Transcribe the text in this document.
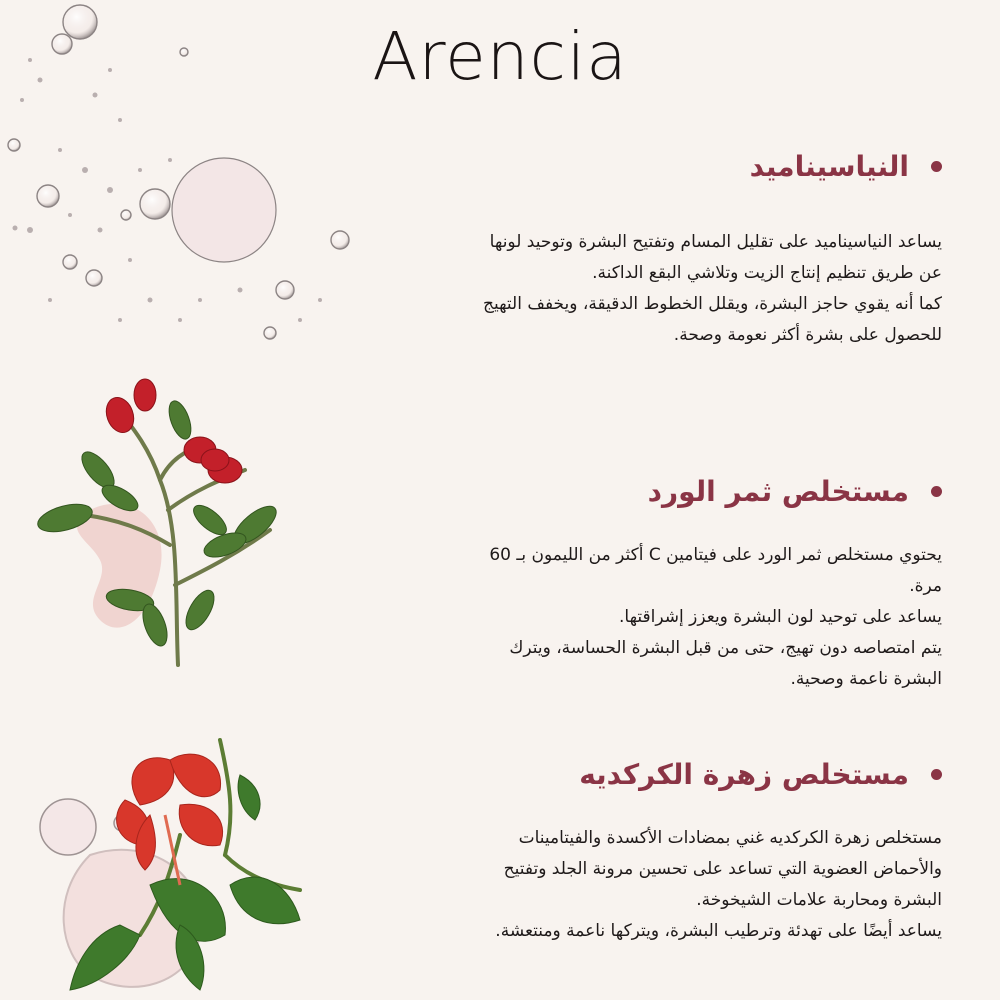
Arencia
النياسيناميد

يساعد النياسيناميد على تقليل المسام وتفتيح البشرة وتوحيد لونها عن طريق تنظيم إنتاج الزيت وتلاشي البقع الداكنة.

كما أنه يقوي حاجز البشرة، ويقلل الخطوط الدقيقة، ويخفف التهيج للحصول على بشرة أكثر نعومة وصحة.

مستخلص ثمر الورد

يحتوي مستخلص ثمر الورد على فيتامين C أكثر من الليمون بـ 60 مرة.

يساعد على توحيد لون البشرة ويعزز إشراقتها.

يتم امتصاصه دون تهيج، حتى من قبل البشرة الحساسة، ويترك البشرة ناعمة وصحية.

مستخلص زهرة الكركديه

مستخلص زهرة الكركديه غني بمضادات الأكسدة والفيتامينات والأحماض العضوية التي تساعد على تحسين مرونة الجلد وتفتيح البشرة ومحاربة علامات الشيخوخة.

يساعد أيضًا على تهدئة وترطيب البشرة، ويتركها ناعمة ومنتعشة.
